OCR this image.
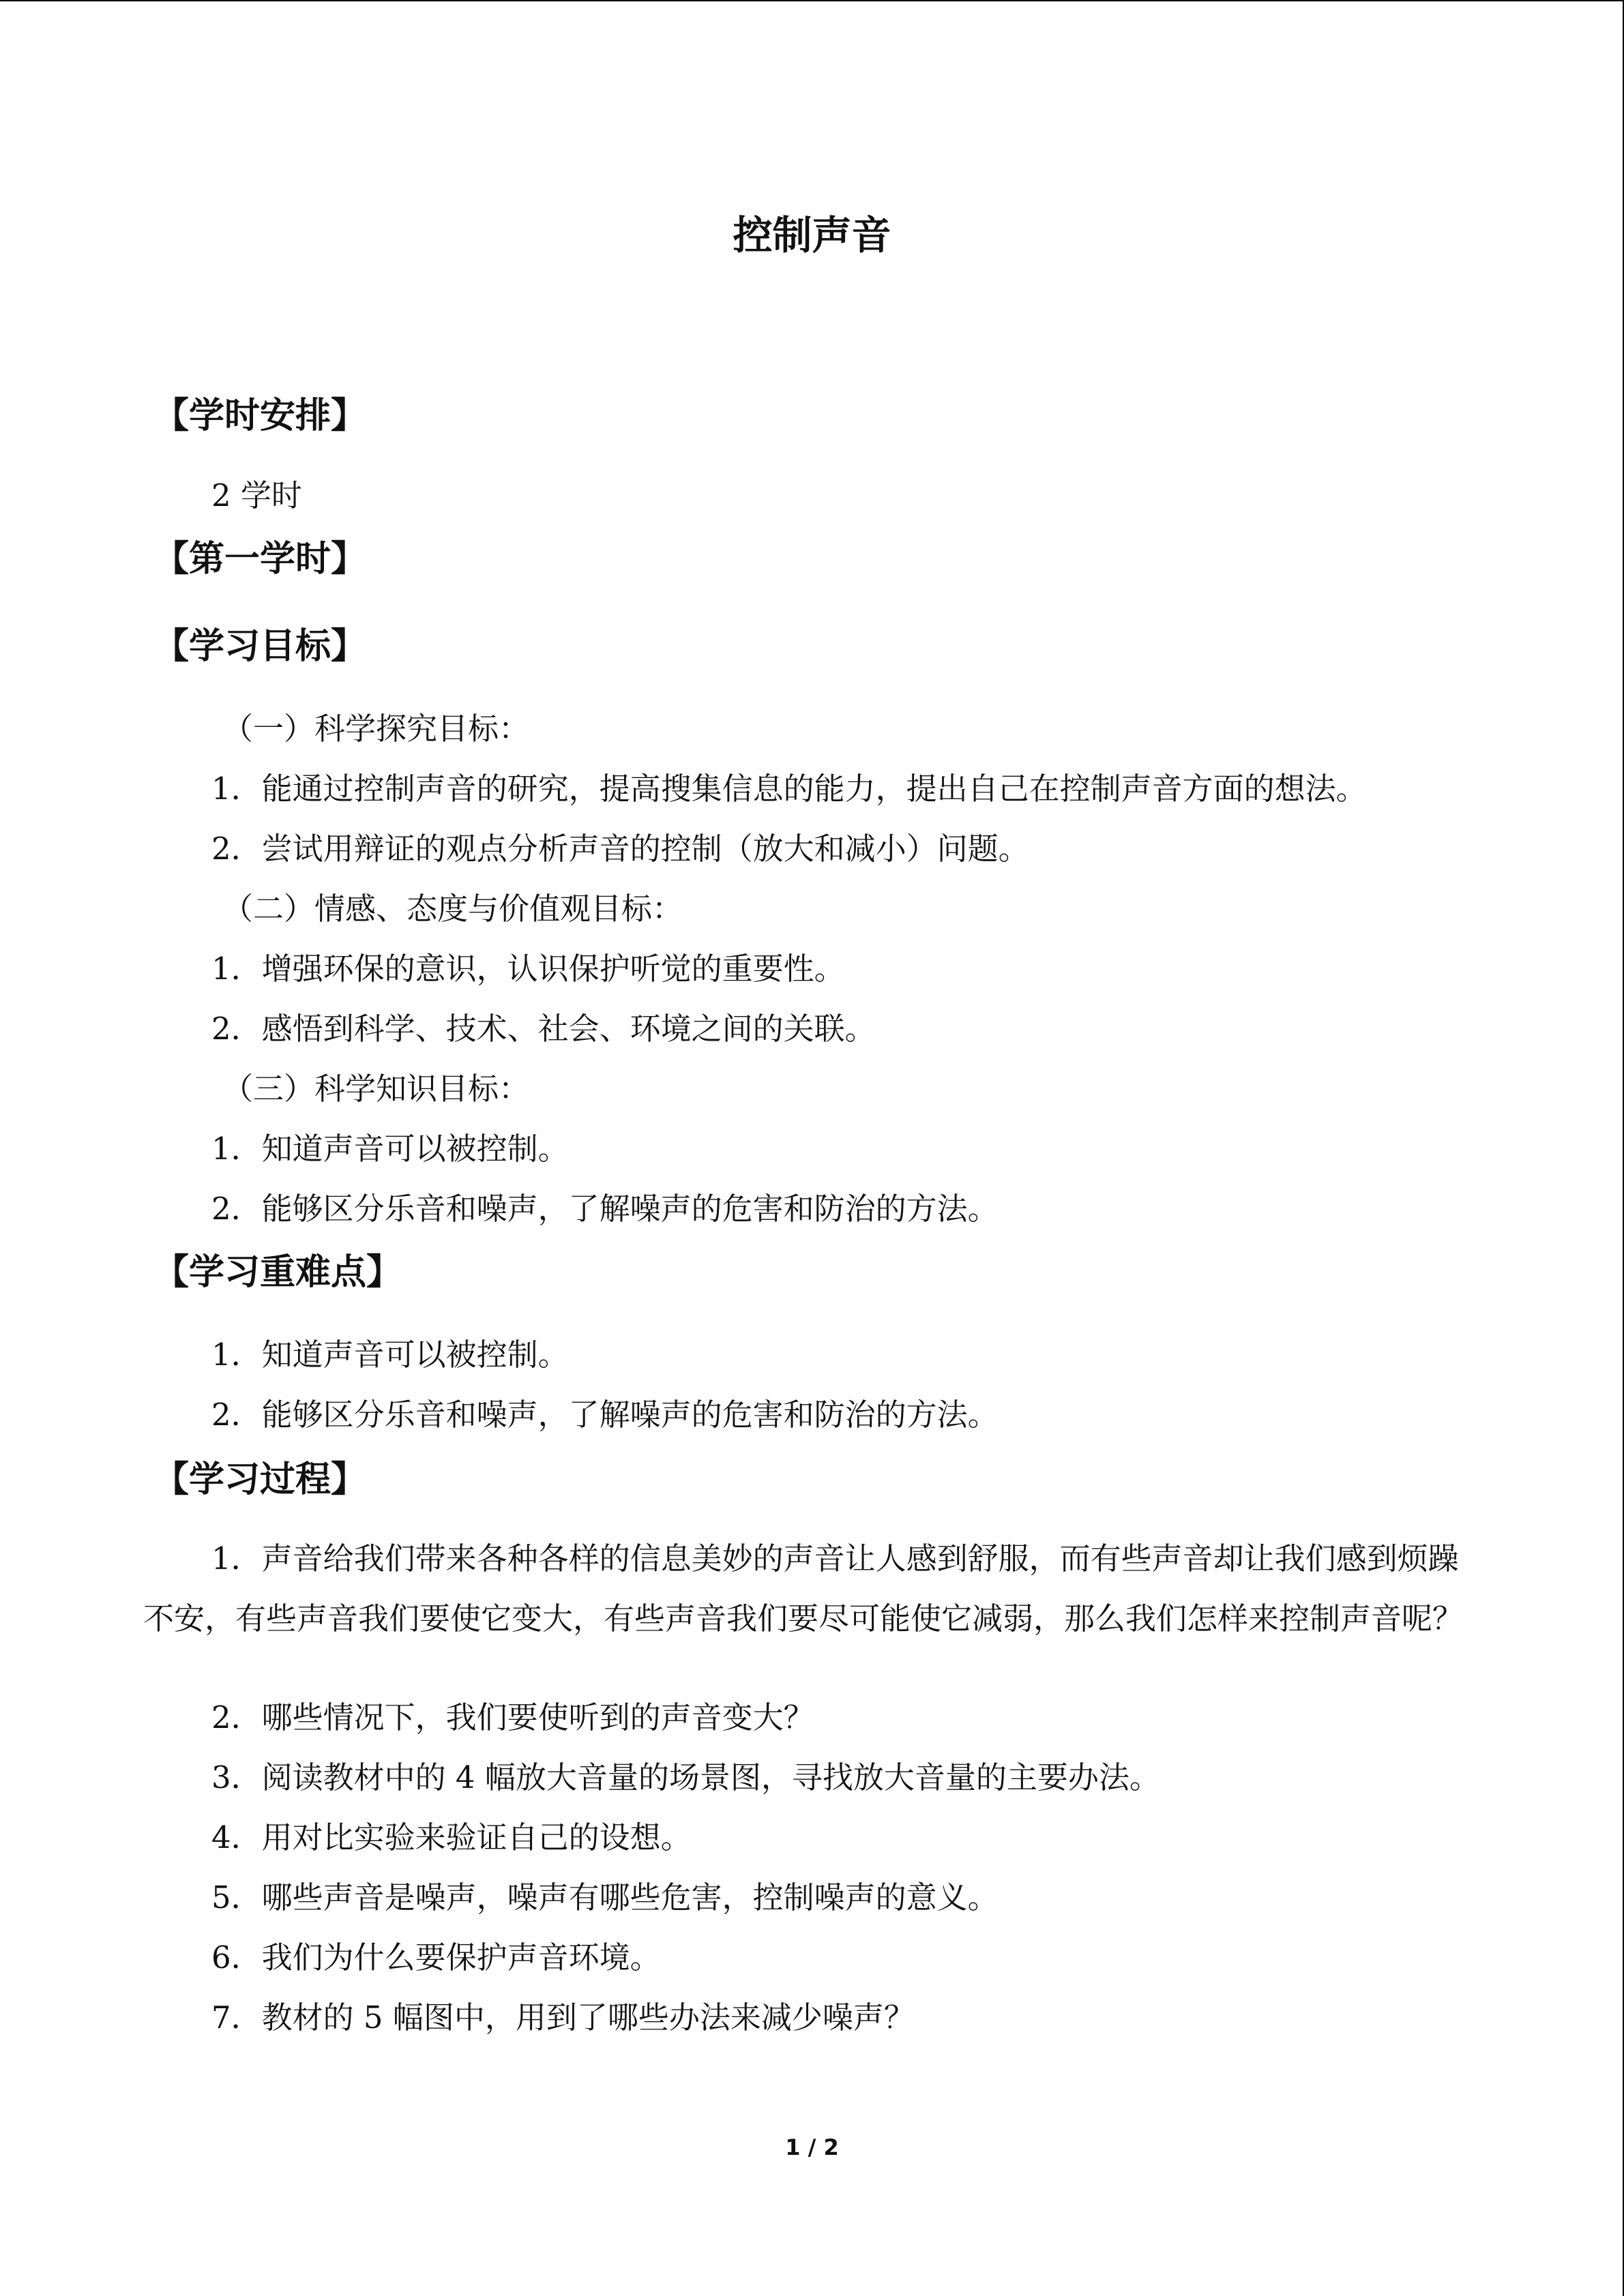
控制声音
【学时安排】
2 学时
【第一学时】
【学习目标】
（一）科学探究目标：
1．能通过控制声音的研究，提高搜集信息的能力，提出自己在控制声音方面的想法。
2．尝试用辩证的观点分析声音的控制（放大和减小）问题。
（二）情感、态度与价值观目标：
1．增强环保的意识，认识保护听觉的重要性。
2．感悟到科学、技术、社会、环境之间的关联。
（三）科学知识目标：
1．知道声音可以被控制。
2．能够区分乐音和噪声，了解噪声的危害和防治的方法。
【学习重难点】
1．知道声音可以被控制。
2．能够区分乐音和噪声，了解噪声的危害和防治的方法。
【学习过程】
1．声音给我们带来各种各样的信息美妙的声音让人感到舒服，而有些声音却让我们感到烦躁不安，有些声音我们要使它变大，有些声音我们要尽可能使它减弱，那么我们怎样来控制声音呢？
2．哪些情况下，我们要使听到的声音变大？
3．阅读教材中的 4 幅放大音量的场景图，寻找放大音量的主要办法。
4．用对比实验来验证自己的设想。
5．哪些声音是噪声，噪声有哪些危害，控制噪声的意义。
6．我们为什么要保护声音环境。
7．教材的 5 幅图中，用到了哪些办法来减少噪声？
1 / 2
